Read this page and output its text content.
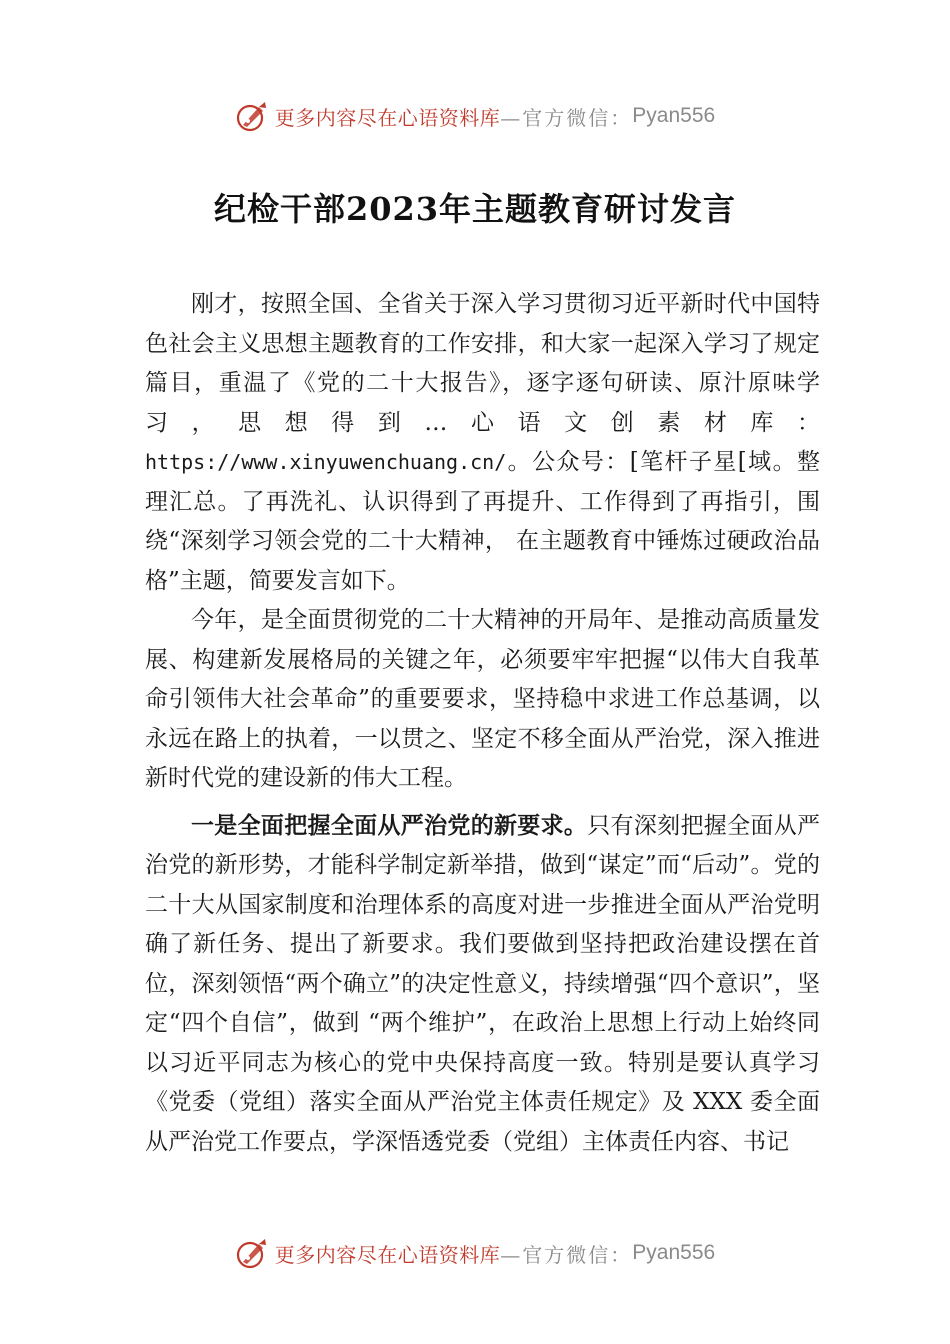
更多内容尽在心语资料库 —官方微信： Pyan556
纪检干部2023年主题教育研讨发言

刚才，按照全国、全省关于深入学习贯彻习近平新时代中国特色社会主义思想主题教育的工作安排，和大家一起深入学习了规定篇目，重温了《党的二十大报告》，逐字逐句研读、原汁原味学习，思想得到…心语文创素材库：https://www.xinyuwenchuang.cn/。公众号：[笔杆子星[域。整理汇总。了再洗礼、认识得到了再提升、工作得到了再指引，围绕“深刻学习领会党的二十大精神， 在主题教育中锤炼过硬政治品格”主题，简要发言如下。

今年，是全面贯彻党的二十大精神的开局年、是推动高质量发展、构建新发展格局的关键之年，必须要牢牢把握“以伟大自我革命引领伟大社会革命”的重要要求，坚持稳中求进工作总基调，以永远在路上的执着，一以贯之、坚定不移全面从严治党，深入推进新时代党的建设新的伟大工程。

一是全面把握全面从严治党的新要求。只有深刻把握全面从严治党的新形势，才能科学制定新举措，做到“谋定”而“后动”。党的二十大从国家制度和治理体系的高度对进一步推进全面从严治党明确了新任务、提出了新要求。我们要做到坚持把政治建设摆在首位，深刻领悟“两个确立”的决定性意义，持续增强“四个意识”，坚定“四个自信”，做到 “两个维护”，在政治上思想上行动上始终同以习近平同志为核心的党中央保持高度一致。特别是要认真学习《党委（党组）落实全面从严治党主体责任规定》及 XXX 委全面从严治党工作要点，学深悟透党委（党组）主体责任内容、书记

更多内容尽在心语资料库 —官方微信： Pyan556
